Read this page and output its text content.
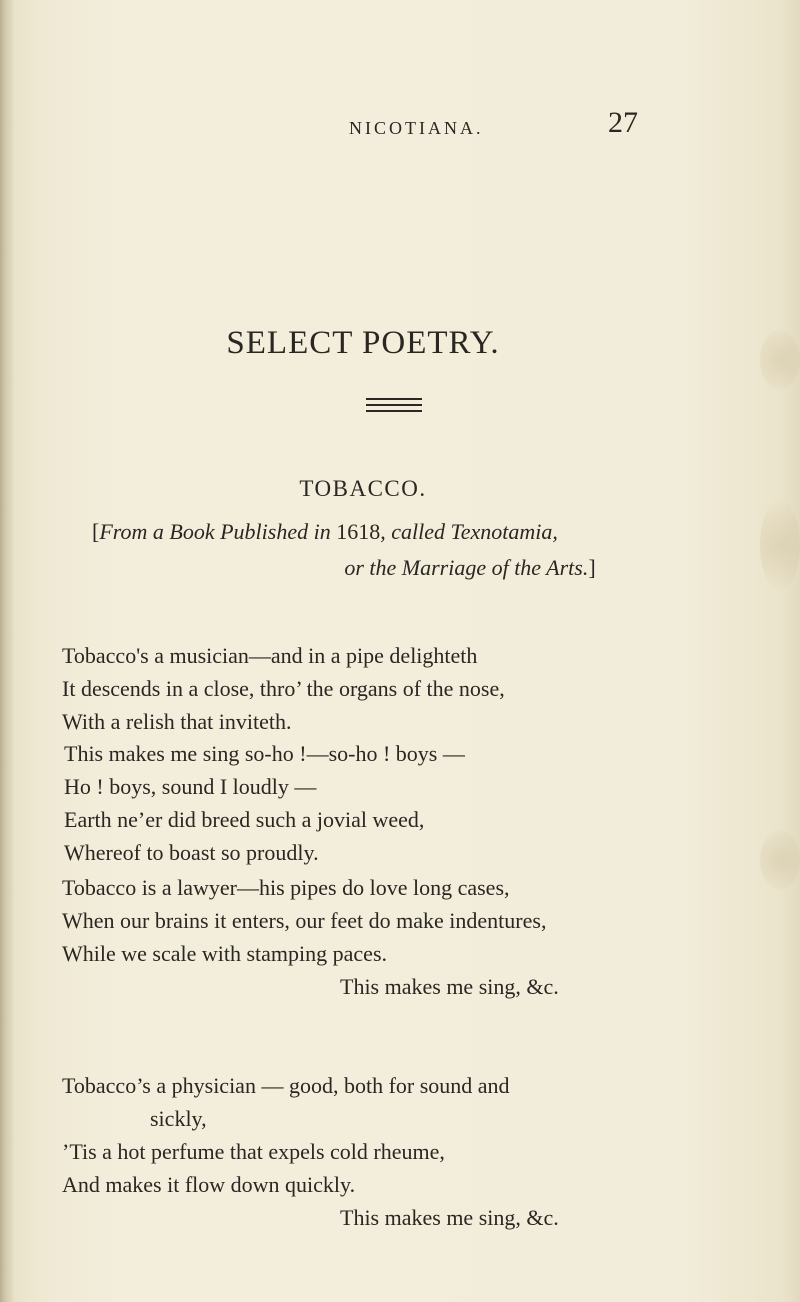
NICOTIANA.	27
SELECT POETRY.
TOBACCO.
[From a Book Published in 1618, called Texnotamia,
or the Marriage of the Arts.]
Tobacco's a musician—and in a pipe delighteth
It descends in a close, thro’ the organs of the nose,
With a relish that inviteth.
This makes me sing so-ho !—so-ho ! boys —
Ho ! boys, sound I loudly —
Earth ne’er did breed such a jovial weed,
Whereof to boast so proudly.
Tobacco is a lawyer—his pipes do love long cases,
When our brains it enters, our feet do make indentures,
While we scale with stamping paces.
This makes me sing, &c.
Tobacco’s a physician — good, both for sound and
sickly,
’Tis a hot perfume that expels cold rheume,
And makes it flow down quickly.
This makes me sing, &c.
